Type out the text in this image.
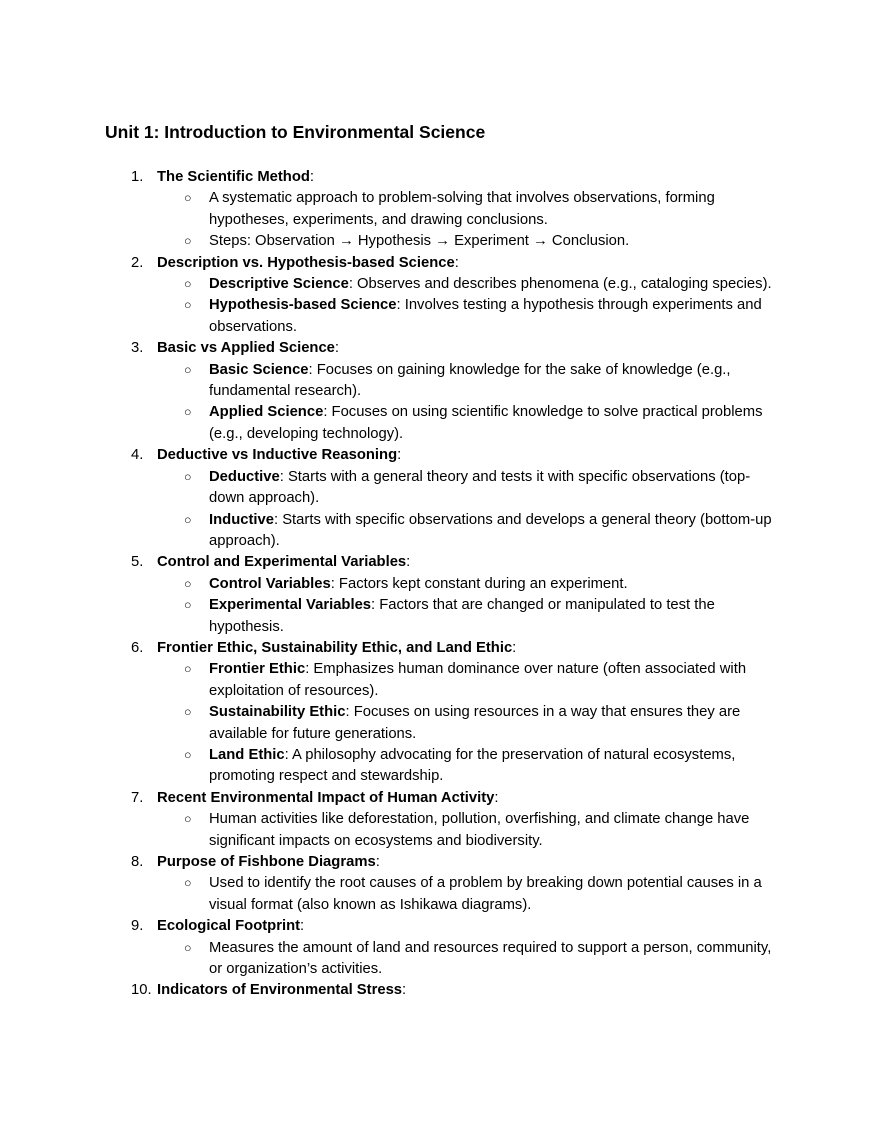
Unit 1: Introduction to Environmental Science
1. The Scientific Method:
○ A systematic approach to problem-solving that involves observations, forming hypotheses, experiments, and drawing conclusions.
○ Steps: Observation → Hypothesis → Experiment → Conclusion.
2. Description vs. Hypothesis-based Science:
○ Descriptive Science: Observes and describes phenomena (e.g., cataloging species).
○ Hypothesis-based Science: Involves testing a hypothesis through experiments and observations.
3. Basic vs Applied Science:
○ Basic Science: Focuses on gaining knowledge for the sake of knowledge (e.g., fundamental research).
○ Applied Science: Focuses on using scientific knowledge to solve practical problems (e.g., developing technology).
4. Deductive vs Inductive Reasoning:
○ Deductive: Starts with a general theory and tests it with specific observations (top-down approach).
○ Inductive: Starts with specific observations and develops a general theory (bottom-up approach).
5. Control and Experimental Variables:
○ Control Variables: Factors kept constant during an experiment.
○ Experimental Variables: Factors that are changed or manipulated to test the hypothesis.
6. Frontier Ethic, Sustainability Ethic, and Land Ethic:
○ Frontier Ethic: Emphasizes human dominance over nature (often associated with exploitation of resources).
○ Sustainability Ethic: Focuses on using resources in a way that ensures they are available for future generations.
○ Land Ethic: A philosophy advocating for the preservation of natural ecosystems, promoting respect and stewardship.
7. Recent Environmental Impact of Human Activity:
○ Human activities like deforestation, pollution, overfishing, and climate change have significant impacts on ecosystems and biodiversity.
8. Purpose of Fishbone Diagrams:
○ Used to identify the root causes of a problem by breaking down potential causes in a visual format (also known as Ishikawa diagrams).
9. Ecological Footprint:
○ Measures the amount of land and resources required to support a person, community, or organization’s activities.
10. Indicators of Environmental Stress:
